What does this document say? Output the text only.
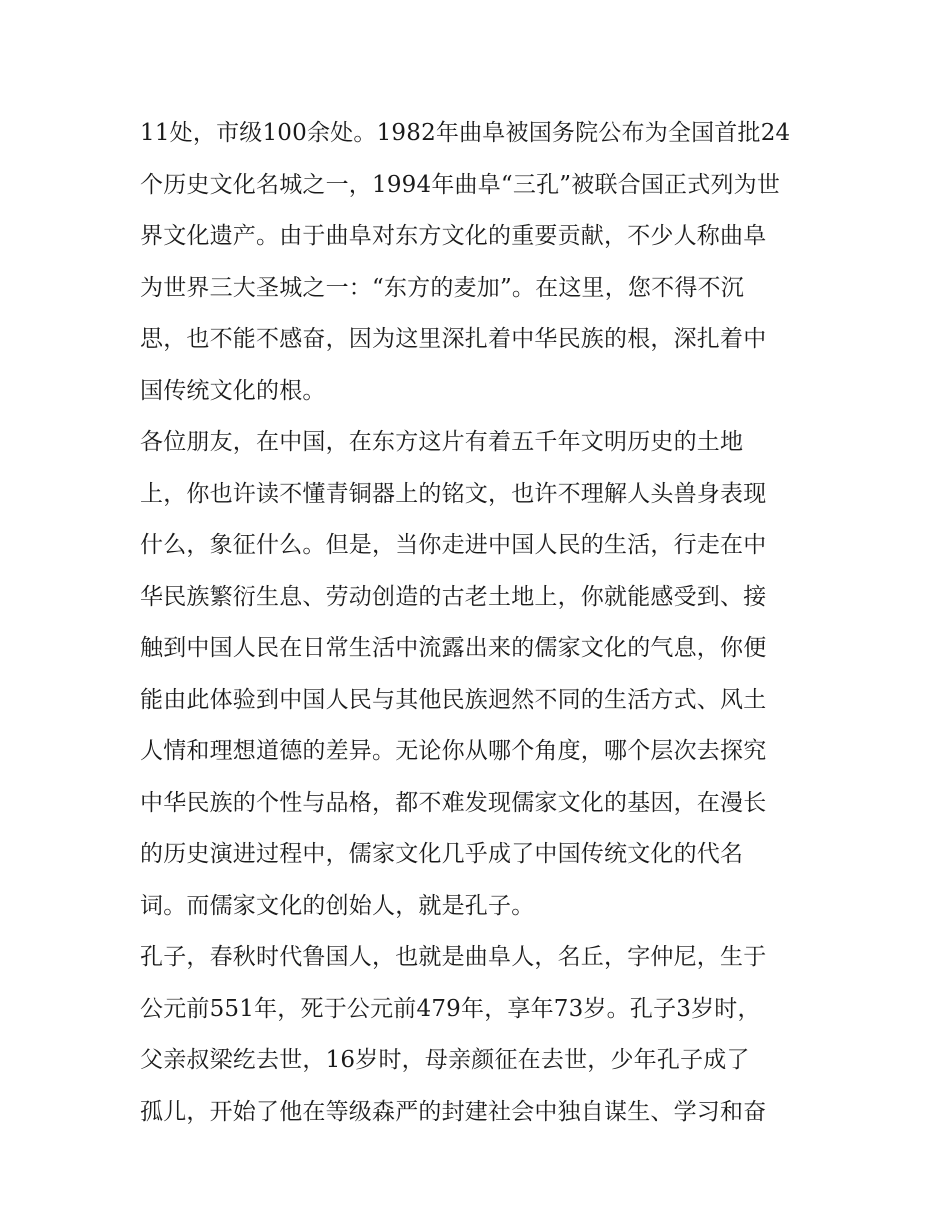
11处，市级100余处。1982年曲阜被国务院公布为全国首批24
个历史文化名城之一，1994年曲阜“三孔”被联合国正式列为世
界文化遗产。由于曲阜对东方文化的重要贡献，不少人称曲阜
为世界三大圣城之一：“东方的麦加”。在这里，您不得不沉
思，也不能不感奋，因为这里深扎着中华民族的根，深扎着中
国传统文化的根。
各位朋友，在中国，在东方这片有着五千年文明历史的土地
上，你也许读不懂青铜器上的铭文，也许不理解人头兽身表现
什么，象征什么。但是，当你走进中国人民的生活，行走在中
华民族繁衍生息、劳动创造的古老土地上，你就能感受到、接
触到中国人民在日常生活中流露出来的儒家文化的气息，你便
能由此体验到中国人民与其他民族迥然不同的生活方式、风土
人情和理想道德的差异。无论你从哪个角度，哪个层次去探究
中华民族的个性与品格，都不难发现儒家文化的基因，在漫长
的历史演进过程中，儒家文化几乎成了中国传统文化的代名
词。而儒家文化的创始人，就是孔子。
孔子，春秋时代鲁国人，也就是曲阜人，名丘，字仲尼，生于
公元前551年，死于公元前479年，享年73岁。孔子3岁时，
父亲叔梁纥去世，16岁时，母亲颜征在去世，少年孔子成了
孤儿，开始了他在等级森严的封建社会中独自谋生、学习和奋
